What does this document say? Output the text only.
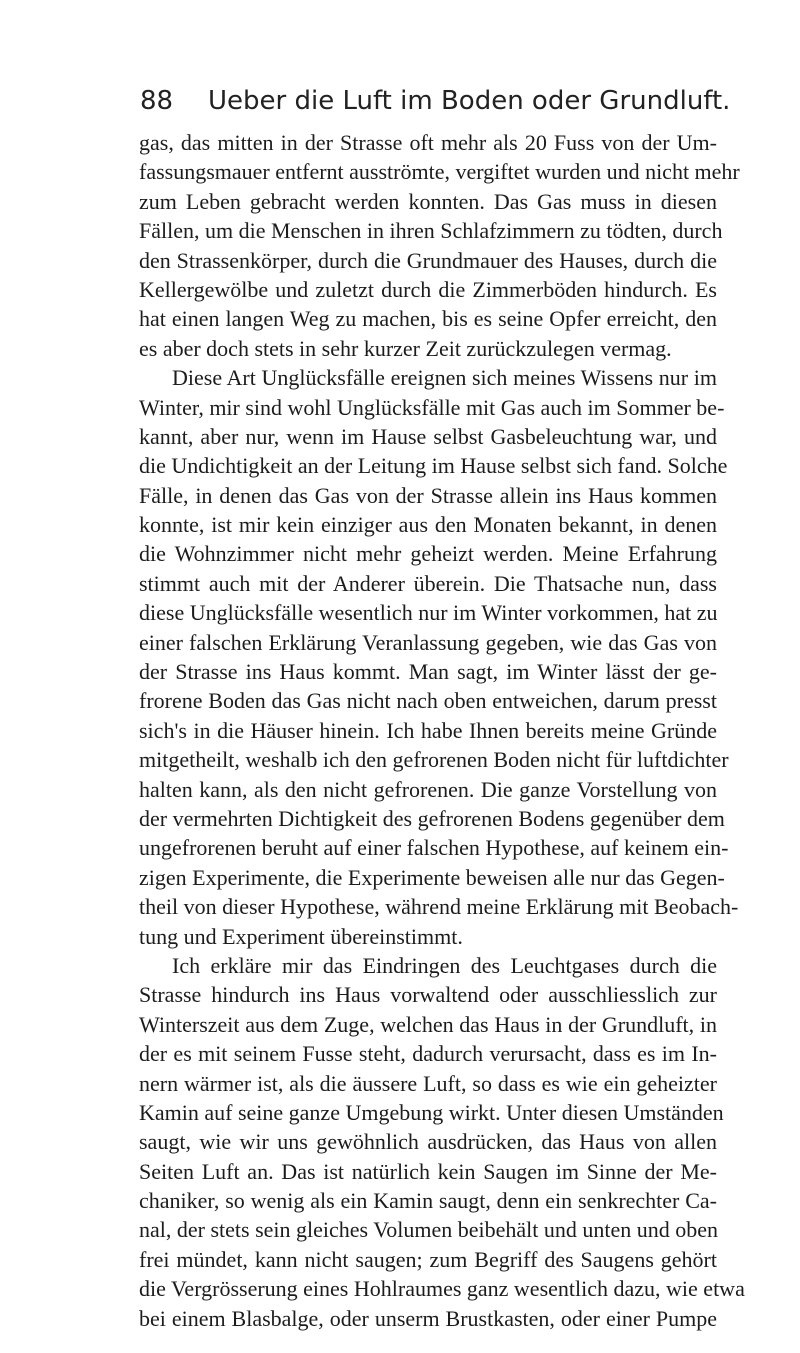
88 Ueber die Luft im Boden oder Grundluft.
gas, das mitten in der Strasse oft mehr als 20 Fuss von der Um-
fassungsmauer entfernt ausströmte, vergiftet wurden und nicht mehr
zum Leben gebracht werden konnten. Das Gas muss in diesen
Fällen, um die Menschen in ihren Schlafzimmern zu tödten, durch
den Strassenkörper, durch die Grundmauer des Hauses, durch die
Kellergewölbe und zuletzt durch die Zimmerböden hindurch. Es
hat einen langen Weg zu machen, bis es seine Opfer erreicht, den
es aber doch stets in sehr kurzer Zeit zurückzulegen vermag.
Diese Art Unglücksfälle ereignen sich meines Wissens nur im
Winter, mir sind wohl Unglücksfälle mit Gas auch im Sommer be-
kannt, aber nur, wenn im Hause selbst Gasbeleuchtung war, und
die Undichtigkeit an der Leitung im Hause selbst sich fand. Solche
Fälle, in denen das Gas von der Strasse allein ins Haus kommen
konnte, ist mir kein einziger aus den Monaten bekannt, in denen
die Wohnzimmer nicht mehr geheizt werden. Meine Erfahrung
stimmt auch mit der Anderer überein. Die Thatsache nun, dass
diese Unglücksfälle wesentlich nur im Winter vorkommen, hat zu
einer falschen Erklärung Veranlassung gegeben, wie das Gas von
der Strasse ins Haus kommt. Man sagt, im Winter lässt der ge-
frorene Boden das Gas nicht nach oben entweichen, darum presst
sich's in die Häuser hinein. Ich habe Ihnen bereits meine Gründe
mitgetheilt, weshalb ich den gefrorenen Boden nicht für luftdichter
halten kann, als den nicht gefrorenen. Die ganze Vorstellung von
der vermehrten Dichtigkeit des gefrorenen Bodens gegenüber dem
ungefrorenen beruht auf einer falschen Hypothese, auf keinem ein-
zigen Experimente, die Experimente beweisen alle nur das Gegen-
theil von dieser Hypothese, während meine Erklärung mit Beobach-
tung und Experiment übereinstimmt.
Ich erkläre mir das Eindringen des Leuchtgases durch die
Strasse hindurch ins Haus vorwaltend oder ausschliesslich zur
Winterszeit aus dem Zuge, welchen das Haus in der Grundluft, in
der es mit seinem Fusse steht, dadurch verursacht, dass es im In-
nern wärmer ist, als die äussere Luft, so dass es wie ein geheizter
Kamin auf seine ganze Umgebung wirkt. Unter diesen Umständen
saugt, wie wir uns gewöhnlich ausdrücken, das Haus von allen
Seiten Luft an. Das ist natürlich kein Saugen im Sinne der Me-
chaniker, so wenig als ein Kamin saugt, denn ein senkrechter Ca-
nal, der stets sein gleiches Volumen beibehält und unten und oben
frei mündet, kann nicht saugen; zum Begriff des Saugens gehört
die Vergrösserung eines Hohlraumes ganz wesentlich dazu, wie etwa
bei einem Blasbalge, oder unserm Brustkasten, oder einer Pumpe
